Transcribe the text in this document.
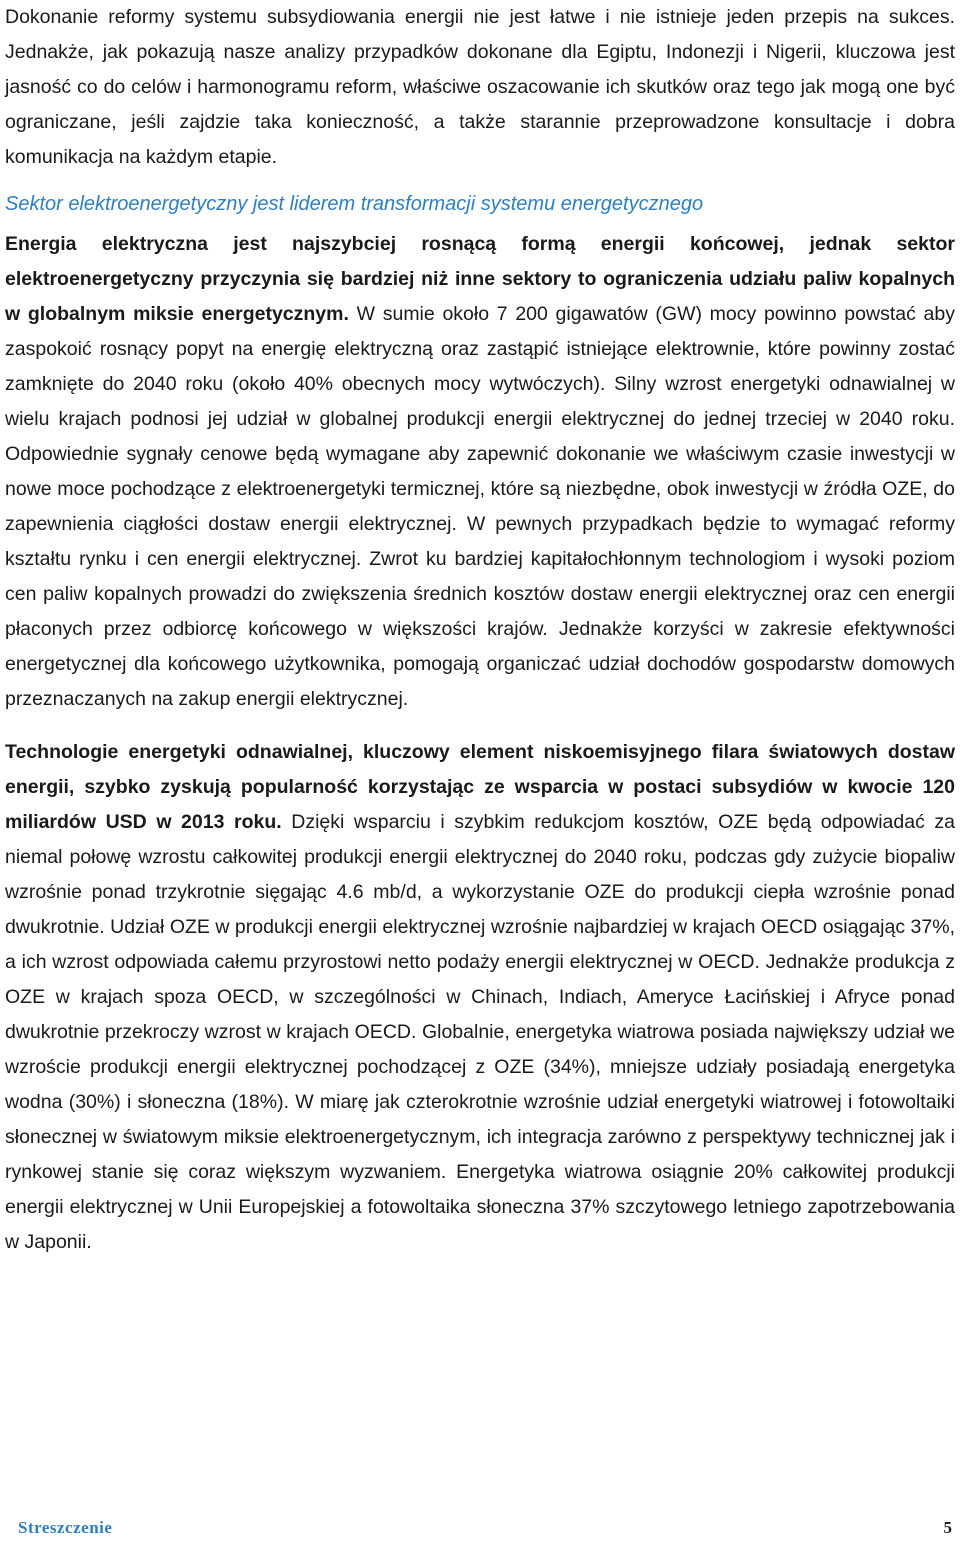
Dokonanie reformy systemu subsydiowania energii nie jest łatwe i nie istnieje jeden przepis na sukces. Jednakże, jak pokazują nasze analizy przypadków dokonane dla Egiptu, Indonezji i Nigerii, kluczowa jest jasność co do celów i harmonogramu reform, właściwe oszacowanie ich skutków oraz tego jak mogą one być ograniczane, jeśli zajdzie taka konieczność, a także starannie przeprowadzone konsultacje i dobra komunikacja na każdym etapie.

Sektor elektroenergetyczny jest liderem transformacji systemu energetycznego

Energia elektryczna jest najszybciej rosnącą formą energii końcowej, jednak sektor elektroenergetyczny przyczynia się bardziej niż inne sektory to ograniczenia udziału paliw kopalnych w globalnym miksie energetycznym. W sumie około 7 200 gigawatów (GW) mocy powinno powstać aby zaspokoić rosnący popyt na energię elektryczną oraz zastąpić istniejące elektrownie, które powinny zostać zamknięte do 2040 roku (około 40% obecnych mocy wytwóczych). Silny wzrost energetyki odnawialnej w wielu krajach podnosi jej udział w globalnej produkcji energii elektrycznej do jednej trzeciej w 2040 roku. Odpowiednie sygnały cenowe będą wymagane aby zapewnić dokonanie we właściwym czasie inwestycji w nowe moce pochodzące z elektroenergetyki termicznej, które są niezbędne, obok inwestycji w źródła OZE, do zapewnienia ciągłości dostaw energii elektrycznej. W pewnych przypadkach będzie to wymagać reformy kształtu rynku i cen energii elektrycznej. Zwrot ku bardziej kapitałochłonnym technologiom i wysoki poziom cen paliw kopalnych prowadzi do zwiększenia średnich kosztów dostaw energii elektrycznej oraz cen energii płaconych przez odbiorcę końcowego w większości krajów. Jednakże korzyści w zakresie efektywności energetycznej dla końcowego użytkownika, pomogają organiczać udział dochodów gospodarstw domowych przeznaczanych na zakup energii elektrycznej.

Technologie energetyki odnawialnej, kluczowy element niskoemisyjnego filara światowych dostaw energii, szybko zyskują popularność korzystając ze wsparcia w postaci subsydiów w kwocie 120 miliardów USD w 2013 roku. Dzięki wsparciu i szybkim redukcjom kosztów, OZE będą odpowiadać za niemal połowę wzrostu całkowitej produkcji energii elektrycznej do 2040 roku, podczas gdy zużycie biopaliw wzrośnie ponad trzykrotnie sięgając 4.6 mb/d, a wykorzystanie OZE do produkcji ciepła wzrośnie ponad dwukrotnie. Udział OZE w produkcji energii elektrycznej wzrośnie najbardziej w krajach OECD osiągając 37%, a ich wzrost odpowiada całemu przyrostowi netto podaży energii elektrycznej w OECD. Jednakże produkcja z OZE w krajach spoza OECD, w szczególności w Chinach, Indiach, Ameryce Łacińskiej i Afryce ponad dwukrotnie przekroczy wzrost w krajach OECD. Globalnie, energetyka wiatrowa posiada największy udział we wzroście produkcji energii elektrycznej pochodzącej z OZE (34%), mniejsze udziały posiadają energetyka wodna (30%) i słoneczna (18%). W miarę jak czterokrotnie wzrośnie udział energetyki wiatrowej i fotowoltaiki słonecznej w światowym miksie elektroenergetycznym, ich integracja zarówno z perspektywy technicznej jak i rynkowej stanie się coraz większym wyzwaniem. Energetyka wiatrowa osiągnie 20% całkowitej produkcji energii elektrycznej w Unii Europejskiej a fotowoltaika słoneczna 37% szczytowego letniego zapotrzebowania w Japonii.

Streszczenie	5
